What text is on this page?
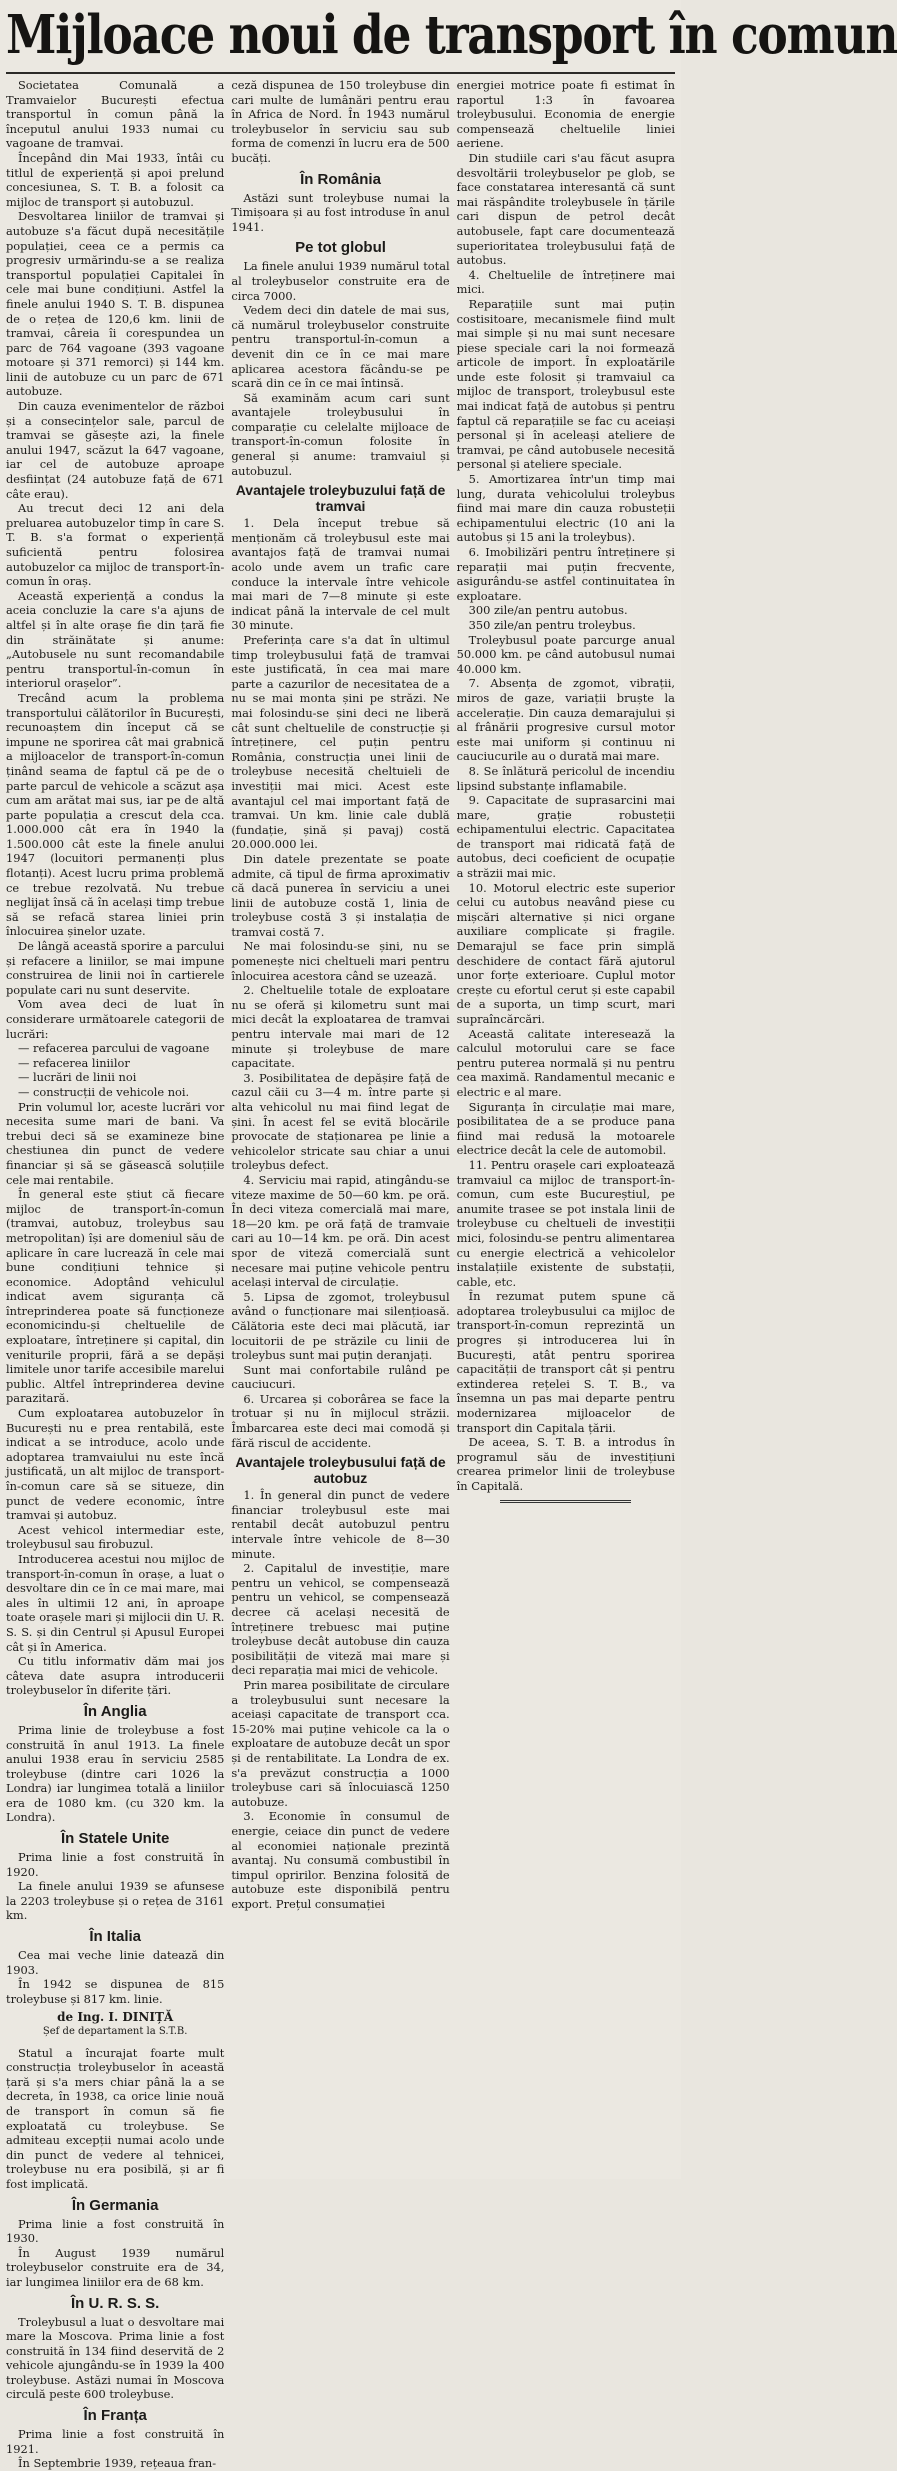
Mijloace noui de transport în comun

Societatea Comunală a Tramvaielor București efectua transportul în comun până la începutul anului 1933 numai cu vagoane de tramvai.

Începând din Mai 1933, întâi cu titlul de experiență și apoi prelund concesiunea, S. T. B. a folosit ca mijloc de transport și autobuzul.

Desvoltarea liniilor de tramvai și autobuze s'a făcut după necesitățile populației, ceea ce a permis ca progresiv urmărindu-se a se realiza transportul populației Capitalei în cele mai bune condițiuni. Astfel la finele anului 1940 S. T. B. dispunea de o rețea de 120,6 km. linii de tramvai, câreia îi corespundea un parc de 764 vagoane (393 vagoane motoare și 371 remorci) și 144 km. linii de autobuze cu un parc de 671 autobuze.

Din cauza evenimentelor de război și a consecințelor sale, parcul de tramvai se găsește azi, la finele anului 1947, scăzut la 647 vagoane, iar cel de autobuze aproape desființat (24 autobuze față de 671 câte erau).

Au trecut deci 12 ani dela preluarea autobuzelor timp în care S. T. B. s'a format o experiență suficientă pentru folosirea autobuzelor ca mijloc de transport-în-comun în oraș.

Această experiență a condus la aceia concluzie la care s'a ajuns de altfel și în alte orașe fie din țară fie din străinătate și anume: „Autobusele nu sunt recomandabile pentru transportul-în-comun în interiorul orașelor”.

Trecând acum la problema transportului călătorilor în București, recunoaștem din început că se impune ne sporirea cât mai grabnică a mijloacelor de transport-în-comun ținând seama de faptul că pe de o parte parcul de vehicole a scăzut așa cum am arătat mai sus, iar pe de altă parte populația a crescut dela cca. 1.000.000 cât era în 1940 la 1.500.000 cât este la finele anului 1947 (locuitori permanenți plus flotanți). Acest lucru prima problemă ce trebue rezolvată. Nu trebue neglijat însă că în același timp trebue să se refacă starea liniei prin înlocuirea șinelor uzate.

De lângă această sporire a parcului și refacere a liniilor, se mai impune construirea de linii noi în cartierele populate cari nu sunt deservite.

Vom avea deci de luat în considerare următoarele categorii de lucrări:

— refacerea parcului de vagoane

— refacerea liniilor

— lucrări de linii noi

— construcții de vehicole noi.

Prin volumul lor, aceste lucrări vor necesita sume mari de bani. Va trebui deci să se examineze bine chestiunea din punct de vedere financiar și să se găsească soluțiile cele mai rentabile.

În general este știut că fiecare mijloc de transport-în-comun (tramvai, autobuz, troleybus sau metropolitan) își are domeniul său de aplicare în care lucrează în cele mai bune condițiuni tehnice și economice. Adoptând vehiculul indicat avem siguranța că întreprinderea poate să funcționeze economicindu-și cheltuelile de exploatare, întreținere și capital, din veniturile proprii, fără a se depăși limitele unor tarife accesibile marelui public. Altfel întreprinderea devine parazitară.

Cum exploatarea autobuzelor în București nu e prea rentabilă, este indicat a se introduce, acolo unde adoptarea tramvaiului nu este încă justificată, un alt mijloc de transport-în-comun care să se situeze, din punct de vedere economic, între tramvai și autobuz.

Acest vehicol intermediar este, troleybusul sau firobuzul.

Introducerea acestui nou mijloc de transport-în-comun în orașe, a luat o desvoltare din ce în ce mai mare, mai ales în ultimii 12 ani, în aproape toate orașele mari și mijlocii din U. R. S. S. și din Centrul și Apusul Europei cât și în America.

Cu titlu informativ dăm mai jos câteva date asupra introducerii troleybuselor în diferite țări.

În Anglia

Prima linie de troleybuse a fost construită în anul 1913. La finele anului 1938 erau în serviciu 2585 troleybuse (dintre cari 1026 la Londra) iar lungimea totală a liniilor era de 1080 km. (cu 320 km. la Londra).

În Statele Unite

Prima linie a fost construită în 1920.

La finele anului 1939 se afunsese la 2203 troleybuse și o rețea de 3161 km.

În Italia

Cea mai veche linie datează din 1903.

În 1942 se dispunea de 815 troleybuse și 817 km. linie.

de Ing. I. DINIȚĂ
Șef de departament la S.T.B.

Statul a încurajat foarte mult construcția troleybuselor în această țară și s'a mers chiar până la a se decreta, în 1938, ca orice linie nouă de transport în comun să fie exploatată cu troleybuse. Se admiteau excepții numai acolo unde din punct de vedere al tehnicei, troleybuse nu era posibilă, și ar fi fost implicată.

În Germania

Prima linie a fost construită în 1930.

În August 1939 numărul troleybuselor construite era de 34, iar lungimea liniilor era de 68 km.

În U. R. S. S.

Troleybusul a luat o desvoltare mai mare la Moscova. Prima linie a fost construită în 134 fiind deservită de 2 vehicole ajungându-se în 1939 la 400 troleybuse. Astăzi numai în Moscova circulă peste 600 troleybuse.

În Franța

Prima linie a fost construită în 1921.

În Septembrie 1939, rețeaua fran-

ceză dispunea de 150 troleybuse din cari multe de lumânări pentru erau în Africa de Nord. În 1943 numărul troleybuselor în serviciu sau sub forma de comenzi în lucru era de 500 bucăți.

În România

Astăzi sunt troleybuse numai la Timișoara și au fost introduse în anul 1941.

Pe tot globul

La finele anului 1939 numărul total al troleybuselor construite era de circa 7000.

Vedem deci din datele de mai sus, că numărul troleybuselor construite pentru transportul-în-comun a devenit din ce în ce mai mare aplicarea acestora făcându-se pe scară din ce în ce mai întinsă.

Să examinăm acum cari sunt avantajele troleybusului în comparație cu celelalte mijloace de transport-în-comun folosite în general și anume: tramvaiul și autobuzul.

Avantajele troleybuzului față de tramvai

1. Dela început trebue să menționăm că troleybusul este mai avantajos față de tramvai numai acolo unde avem un trafic care conduce la intervale între vehicole mai mari de 7—8 minute și este indicat până la intervale de cel mult 30 minute.

Preferința care s'a dat în ultimul timp troleybusului față de tramvai este justificată, în cea mai mare parte a cazurilor de necesitatea de a nu se mai monta șini pe străzi. Ne mai folosindu-se șini deci ne liberă cât sunt cheltuelile de construcție și întreținere, cel puțin pentru România, construcția unei linii de troleybuse necesită cheltuieli de investiții mai mici. Acest este avantajul cel mai important față de tramvai. Un km. linie cale dublă (fundație, șină și pavaj) costă 20.000.000 lei.

Din datele prezentate se poate admite, că tipul de firma aproximativ că dacă punerea în serviciu a unei linii de autobuze costă 1, linia de troleybuse costă 3 și instalația de tramvai costă 7.

Ne mai folosindu-se șini, nu se pomenește nici cheltueli mari pentru înlocuirea acestora când se uzează.

2. Cheltuelile totale de exploatare nu se oferă și kilometru sunt mai mici decât la exploatarea de tramvai pentru intervale mai mari de 12 minute și troleybuse de mare capacitate.

3. Posibilitatea de depășire față de cazul căii cu 3—4 m. între parte și alta vehicolul nu mai fiind legat de șini. În acest fel se evită blocările provocate de staționarea pe linie a vehicolelor stricate sau chiar a unui troleybus defect.

4. Serviciu mai rapid, atingându-se viteze maxime de 50—60 km. pe oră. În deci viteza comercială mai mare, 18—20 km. pe oră față de tramvaie cari au 10—14 km. pe oră. Din acest spor de viteză comercială sunt necesare mai puține vehicole pentru același interval de circulație.

5. Lipsa de zgomot, troleybusul având o funcționare mai silențioasă. Călătoria este deci mai plăcută, iar locuitorii de pe străzile cu linii de troleybus sunt mai puțin deranjați.

Sunt mai confortabile rulând pe cauciucuri.

6. Urcarea și coborârea se face la trotuar și nu în mijlocul străzii. Îmbarcarea este deci mai comodă și fără riscul de accidente.

Avantajele troleybusului față de autobuz

1. În general din punct de vedere financiar troleybusul este mai rentabil decât autobuzul pentru intervale între vehicole de 8—30 minute.

2. Capitalul de investiție, mare pentru un vehicol, se compensează pentru un vehicol, se compensează decree că același necesită de întreținere trebuesc mai puține troleybuse decât autobuse din cauza posibilității de viteză mai mare și deci reparația mai mici de vehicole.

Prin marea posibilitate de circulare a troleybusului sunt necesare la aceiași capacitate de transport cca. 15-20% mai puține vehicole ca la o exploatare de autobuze decât un spor și de rentabilitate. La Londra de ex. s'a prevăzut construcția a 1000 troleybuse cari să înlocuiască 1250 autobuze.

3. Economie în consumul de energie, ceiace din punct de vedere al economiei naționale prezintă avantaj. Nu consumă combustibil în timpul opririlor. Benzina folosită de autobuze este disponibilă pentru export. Prețul consumației

energiei motrice poate fi estimat în raportul 1:3 în favoarea troleybusului. Economia de energie compensează cheltuelile liniei aeriene.

Din studiile cari s'au făcut asupra desvoltării troleybuselor pe glob, se face constatarea interesantă că sunt mai răspândite troleybusele în țările cari dispun de petrol decât autobusele, fapt care documentează superioritatea troleybusului față de autobus.

4. Cheltuelile de întreținere mai mici.

Reparațiile sunt mai puțin costisitoare, mecanismele fiind mult mai simple și nu mai sunt necesare piese speciale cari la noi formează articole de import. În exploatările unde este folosit și tramvaiul ca mijloc de transport, troleybusul este mai indicat față de autobus și pentru faptul că reparațiile se fac cu aceiași personal și în aceleași ateliere de tramvai, pe când autobusele necesită personal și ateliere speciale.

5. Amortizarea într'un timp mai lung, durata vehicolului troleybus fiind mai mare din cauza robusteții echipamentului electric (10 ani la autobus și 15 ani la troleybus).

6. Imobilizări pentru întreținere și reparații mai puțin frecvente, asigurându-se astfel continuitatea în exploatare.

300 zile/an pentru autobus.

350 zile/an pentru troleybus.

Troleybusul poate parcurge anual 50.000 km. pe când autobusul numai 40.000 km.

7. Absența de zgomot, vibrații, miros de gaze, variații bruște la accelerație. Din cauza demarajului și al frânării progresive cursul motor este mai uniform și continuu ni cauciucurile au o durată mai mare.

8. Se înlătură pericolul de incendiu lipsind substanțe inflamabile.

9. Capacitate de suprasarcini mai mare, grație robusteții echipamentului electric. Capacitatea de transport mai ridicată față de autobus, deci coeficient de ocupație a străzii mai mic.

10. Motorul electric este superior celui cu autobus neavând piese cu mișcări alternative și nici organe auxiliare complicate și fragile. Demarajul se face prin simplă deschidere de contact fără ajutorul unor forțe exterioare. Cuplul motor crește cu efortul cerut și este capabil de a suporta, un timp scurt, mari supraîncărcări.

Această calitate interesează la calculul motorului care se face pentru puterea normală și nu pentru cea maximă. Randamentul mecanic e electric e al mare.

Siguranța în circulație mai mare, posibilitatea de a se produce pana fiind mai redusă la motoarele electrice decât la cele de automobil.

11. Pentru orașele cari exploatează tramvaiul ca mijloc de transport-în-comun, cum este Bucureștiul, pe anumite trasee se pot instala linii de troleybuse cu cheltueli de investiții mici, folosindu-se pentru alimentarea cu energie electrică a vehicolelor instalațiile existente de substații, cable, etc.

În rezumat putem spune că adoptarea troleybusului ca mijloc de transport-în-comun reprezintă un progres și introducerea lui în București, atât pentru sporirea capacității de transport cât și pentru extinderea rețelei S. T. B., va însemna un pas mai departe pentru modernizarea mijloacelor de transport din Capitala țării.

De aceea, S. T. B. a introdus în programul său de investițiuni crearea primelor linii de troleybuse în Capitală.
